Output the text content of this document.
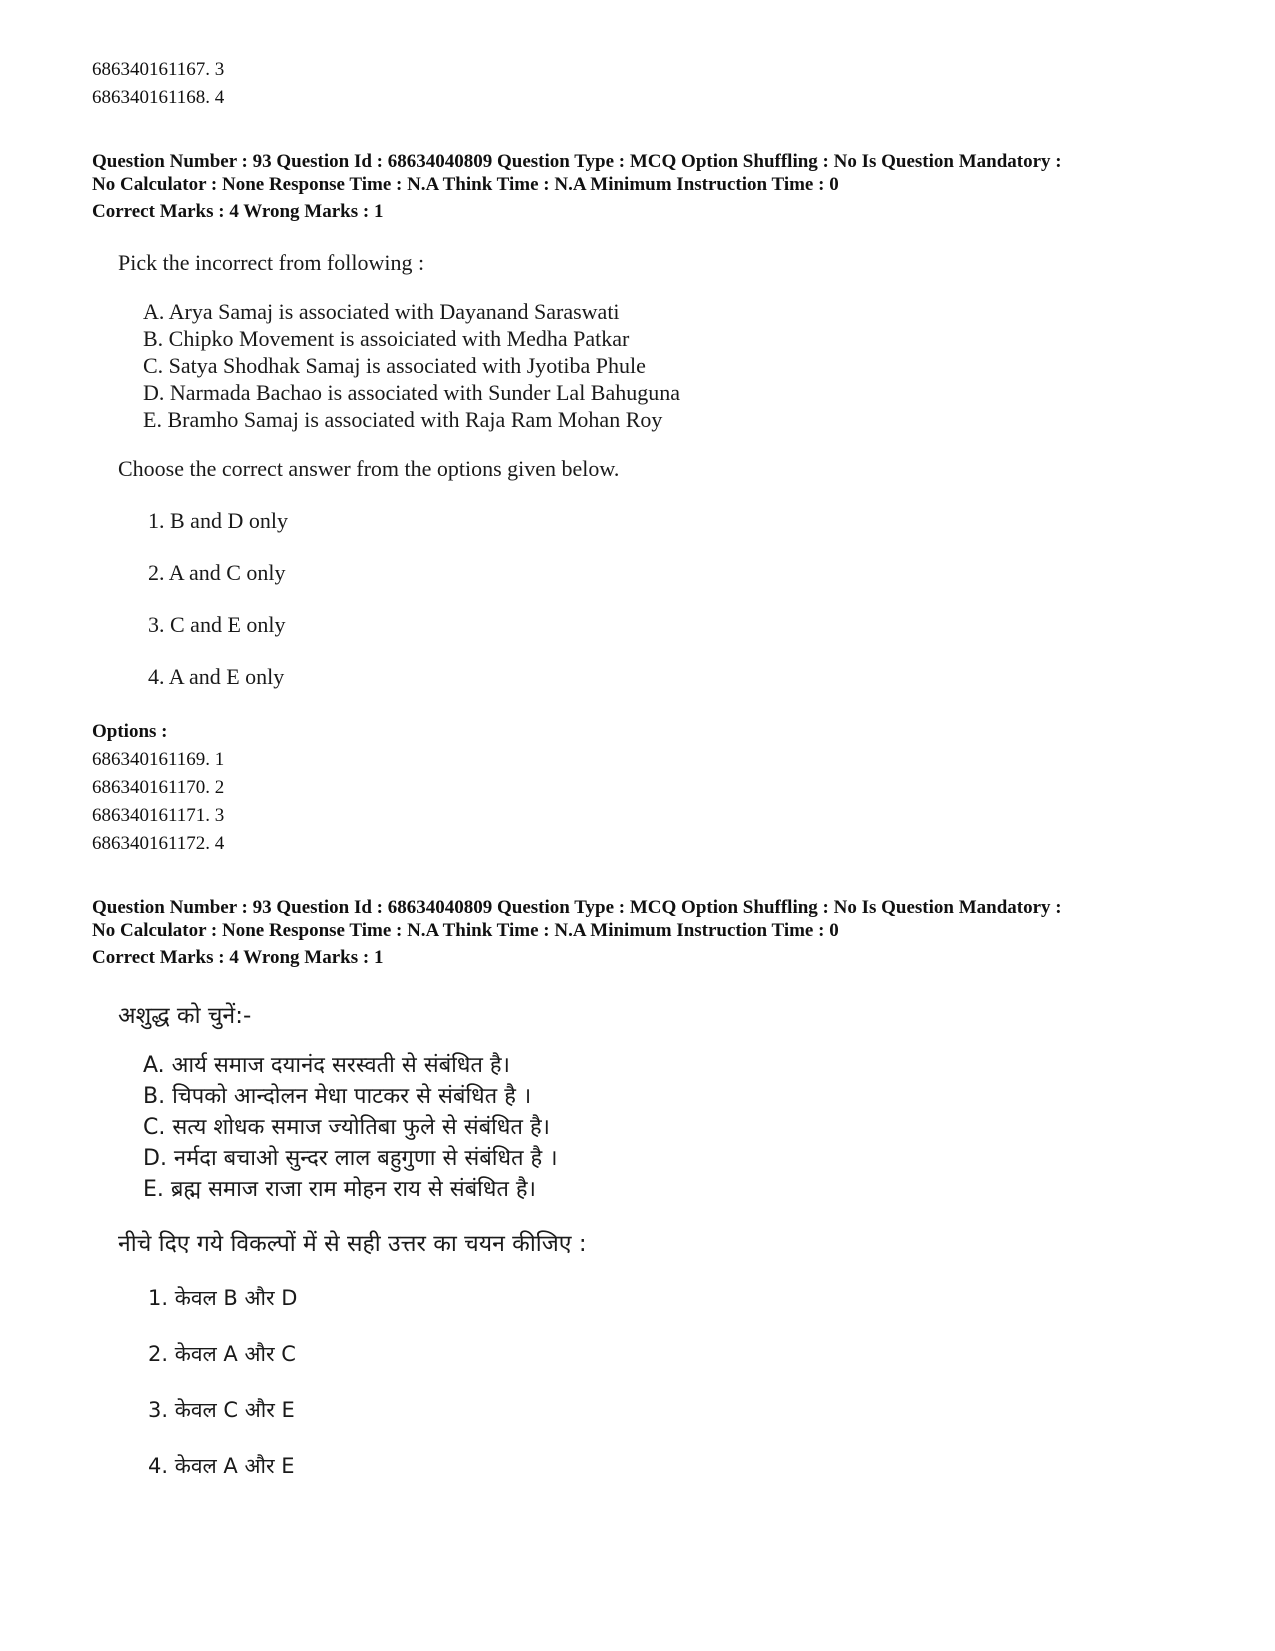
686340161167. 3
686340161168. 4
Question Number : 93 Question Id : 68634040809 Question Type : MCQ Option Shuffling : No Is Question Mandatory :
No Calculator : None Response Time : N.A Think Time : N.A Minimum Instruction Time : 0
Correct Marks : 4 Wrong Marks : 1
Pick the incorrect from following :
A. Arya Samaj is associated with Dayanand Saraswati
B. Chipko Movement is assoiciated with Medha Patkar
C. Satya Shodhak Samaj is associated with Jyotiba Phule
D. Narmada Bachao is associated with Sunder Lal Bahuguna
E. Bramho Samaj is associated with Raja Ram Mohan Roy
Choose the correct answer from the options given below.
1. B and D only
2. A and C only
3. C and E only
4. A and E only
Options :
686340161169. 1
686340161170. 2
686340161171. 3
686340161172. 4
Question Number : 93 Question Id : 68634040809 Question Type : MCQ Option Shuffling : No Is Question Mandatory :
No Calculator : None Response Time : N.A Think Time : N.A Minimum Instruction Time : 0
Correct Marks : 4 Wrong Marks : 1
अशुद्ध को चुनें:-
A. आर्य समाज दयानंद सरस्वती से संबंधित है।
B. चिपको आन्दोलन मेधा पाटकर से संबंधित है ।
C. सत्य शोधक समाज ज्योतिबा फुले से संबंधित है।
D. नर्मदा बचाओ सुन्दर लाल बहुगुणा से संबंधित है ।
E. ब्रह्म समाज राजा राम मोहन राय से संबंधित है।
नीचे दिए गये विकल्पों में से सही उत्तर का चयन कीजिए :
1. केवल B और D
2. केवल A और C
3. केवल C और E
4. केवल A और E
